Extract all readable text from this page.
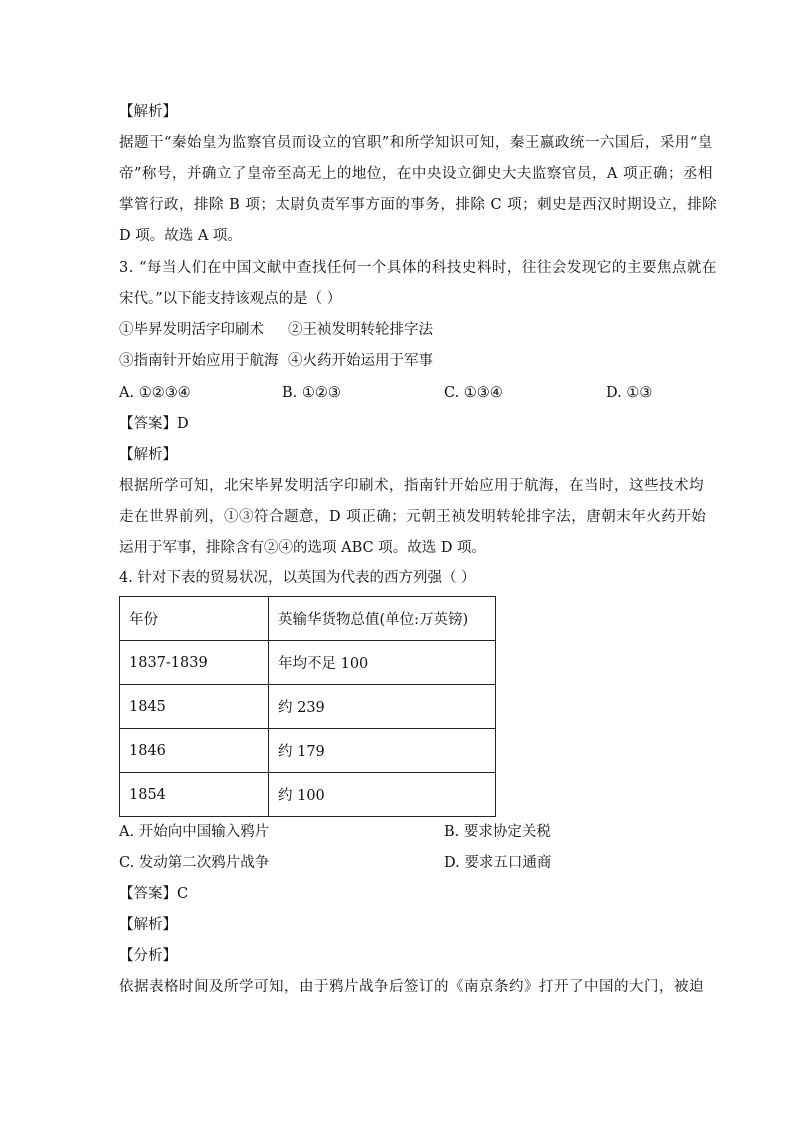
【解析】
据题干“秦始皇为监察官员而设立的官职”和所学知识可知，秦王嬴政统一六国后，采用“皇
帝”称号，并确立了皇帝至高无上的地位，在中央设立御史大夫监察官员，A 项正确；丞相
掌管行政，排除 B 项；太尉负责军事方面的事务，排除 C 项；刺史是西汉时期设立，排除
D 项。故选 A 项。
3. “每当人们在中国文献中查找任何一个具体的科技史料时，往往会发现它的主要焦点就在
宋代。”以下能支持该观点的是（ ）
①毕昇发明活字印刷术 ②王祯发明转轮排字法
③指南针开始应用于航海 ④火药开始运用于军事
A. ①②③④	B. ①②③	C. ①③④	D. ①③
【答案】D
【解析】
根据所学可知，北宋毕昇发明活字印刷术，指南针开始应用于航海，在当时，这些技术均
走在世界前列，①③符合题意，D 项正确；元朝王祯发明转轮排字法，唐朝末年火药开始
运用于军事，排除含有②④的选项 ABC 项。故选 D 项。
4. 针对下表的贸易状况，以英国为代表的西方列强（ ）
年份	英输华货物总值(单位:万英镑)
1837-1839	年均不足 100
1845	约 239
1846	约 179
1854	约 100
A. 开始向中国输入鸦片	B. 要求协定关税
C. 发动第二次鸦片战争	D. 要求五口通商
【答案】C
【解析】
【分析】
依据表格时间及所学可知，由于鸦片战争后签订的《南京条约》打开了中国的大门，被迫
